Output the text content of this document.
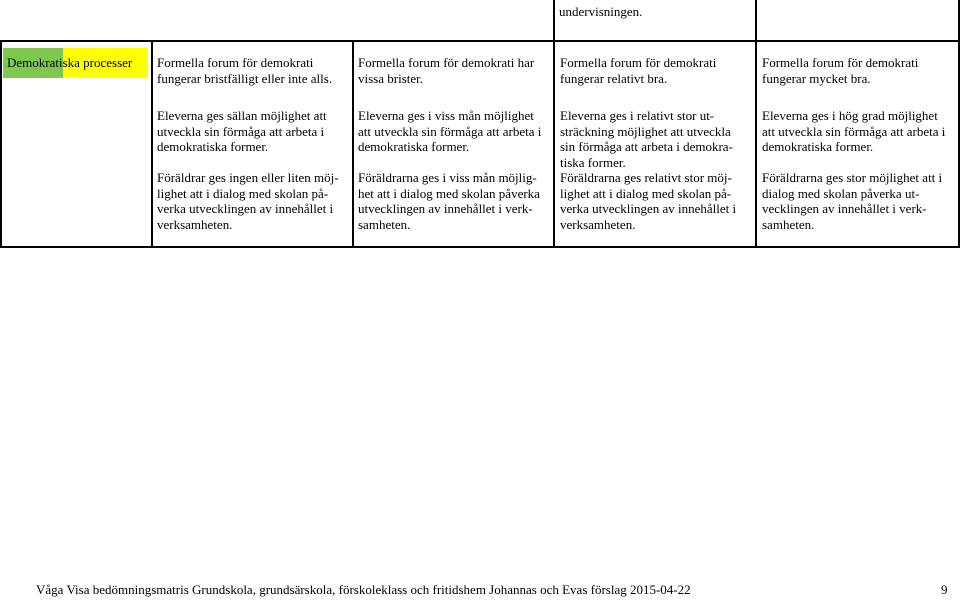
undervisningen.
Demokratiska processer Formella forum för demokrati
fungerar bristfälligt eller inte alls.
Eleverna ges sällan möjlighet att
utveckla sin förmåga att arbeta i
demokratiska former.

Föräldrar ges ingen eller liten möj-
lighet att i dialog med skolan på-
verka utvecklingen av innehållet i
verksamheten.
Formella forum för demokrati har
vissa brister.
Eleverna ges i viss mån möjlighet
att utveckla sin förmåga att arbeta i
demokratiska former.

Föräldrarna ges i viss mån möjlig-
het att i dialog med skolan påverka
utvecklingen av innehållet i verk-
samheten.
Formella forum för demokrati
fungerar relativt bra.
Eleverna ges i relativt stor ut-
sträckning möjlighet att utveckla
sin förmåga att arbeta i demokra-
tiska former.
Föräldrarna ges relativt stor möj-
lighet att i dialog med skolan på-
verka utvecklingen av innehållet i
verksamheten.
Formella forum för demokrati
fungerar mycket bra.
Eleverna ges i hög grad möjlighet
att utveckla sin förmåga att arbeta i
demokratiska former.

Föräldrarna ges stor möjlighet att i
dialog med skolan påverka ut-
vecklingen av innehållet i verk-
samheten.
Våga Visa bedömningsmatris Grundskola, grundsärskola, förskoleklass och fritidshem Johannas och Evas förslag 2015-04-22	9
